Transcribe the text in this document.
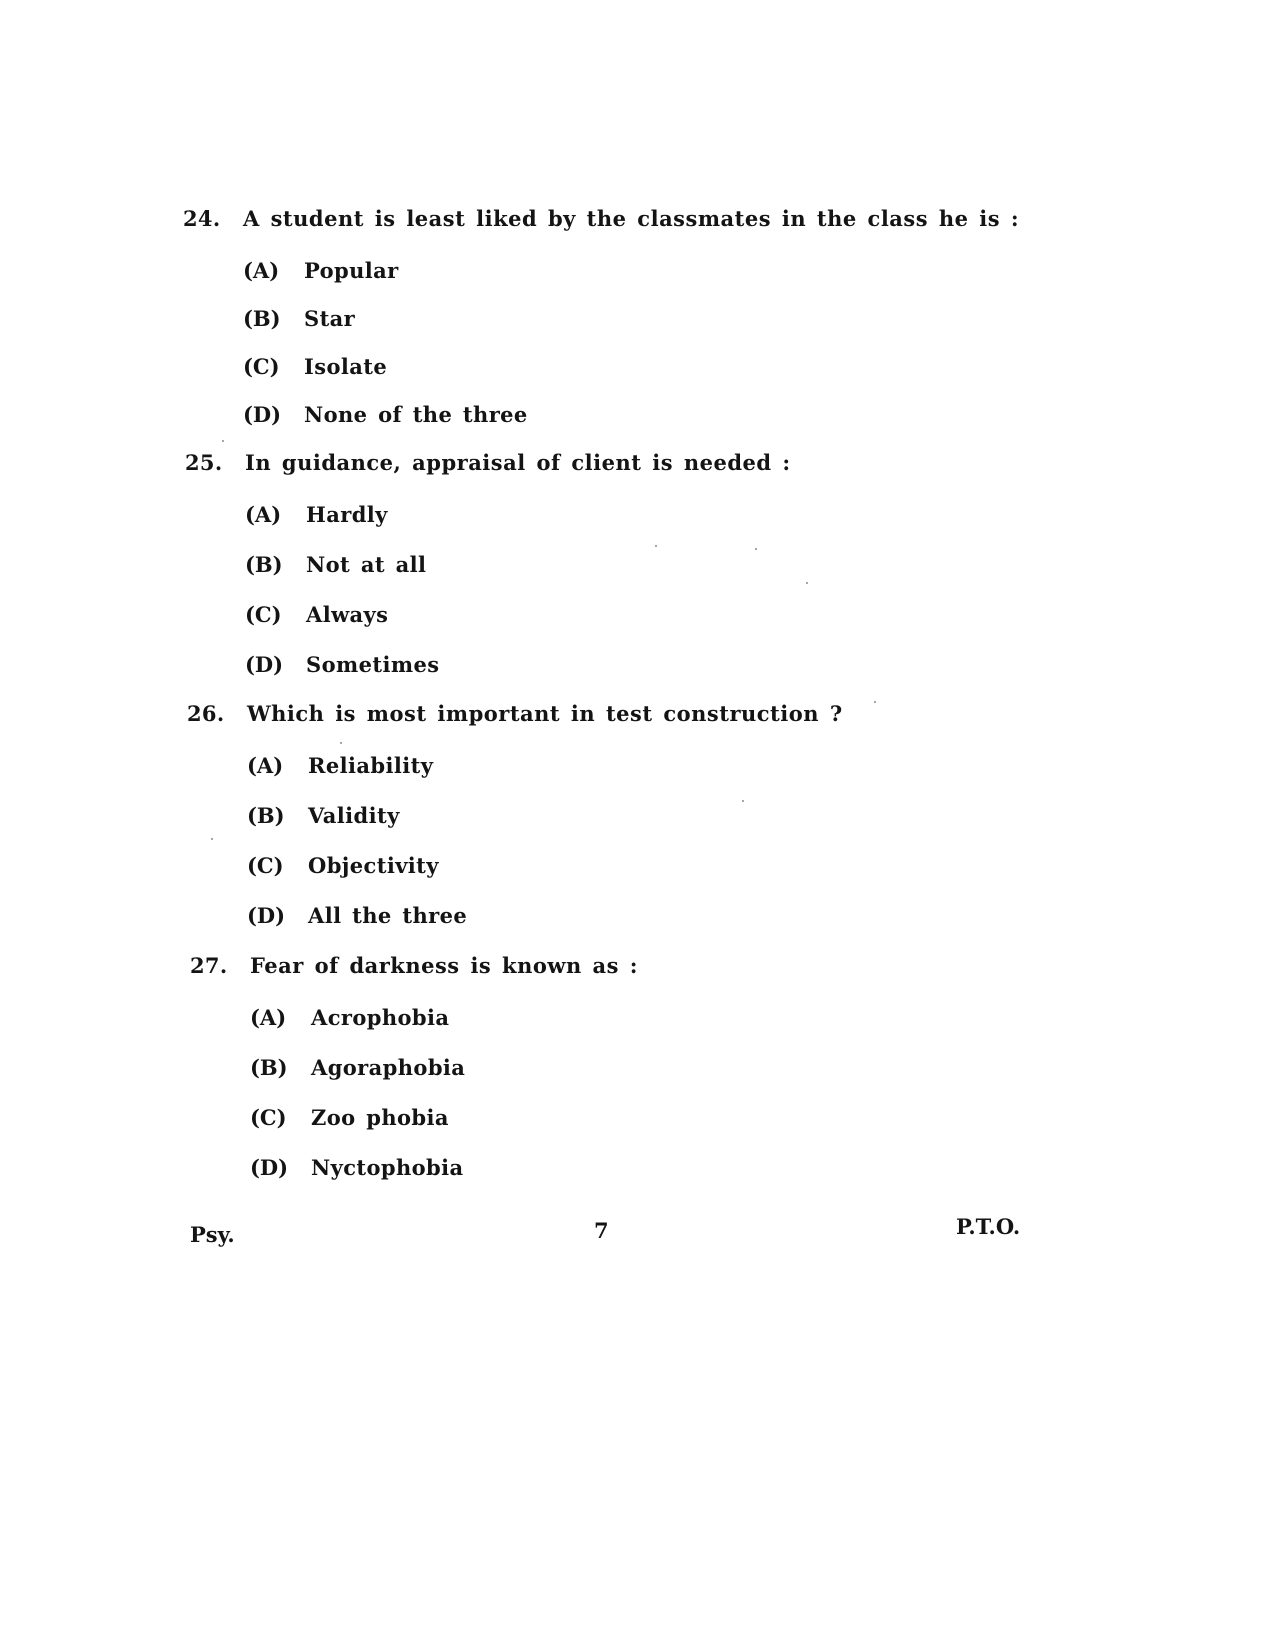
24. A student is least liked by the classmates in the class he is :
(A) Popular
(B) Star
(C) Isolate
(D) None of the three
25. In guidance, appraisal of client is needed :
(A) Hardly
(B) Not at all
(C) Always
(D) Sometimes
26. Which is most important in test construction ?
(A) Reliability
(B) Validity
(C) Objectivity
(D) All the three
27. Fear of darkness is known as :
(A) Acrophobia
(B) Agoraphobia
(C) Zoo phobia
(D) Nyctophobia
Psy.	7	P.T.O.
